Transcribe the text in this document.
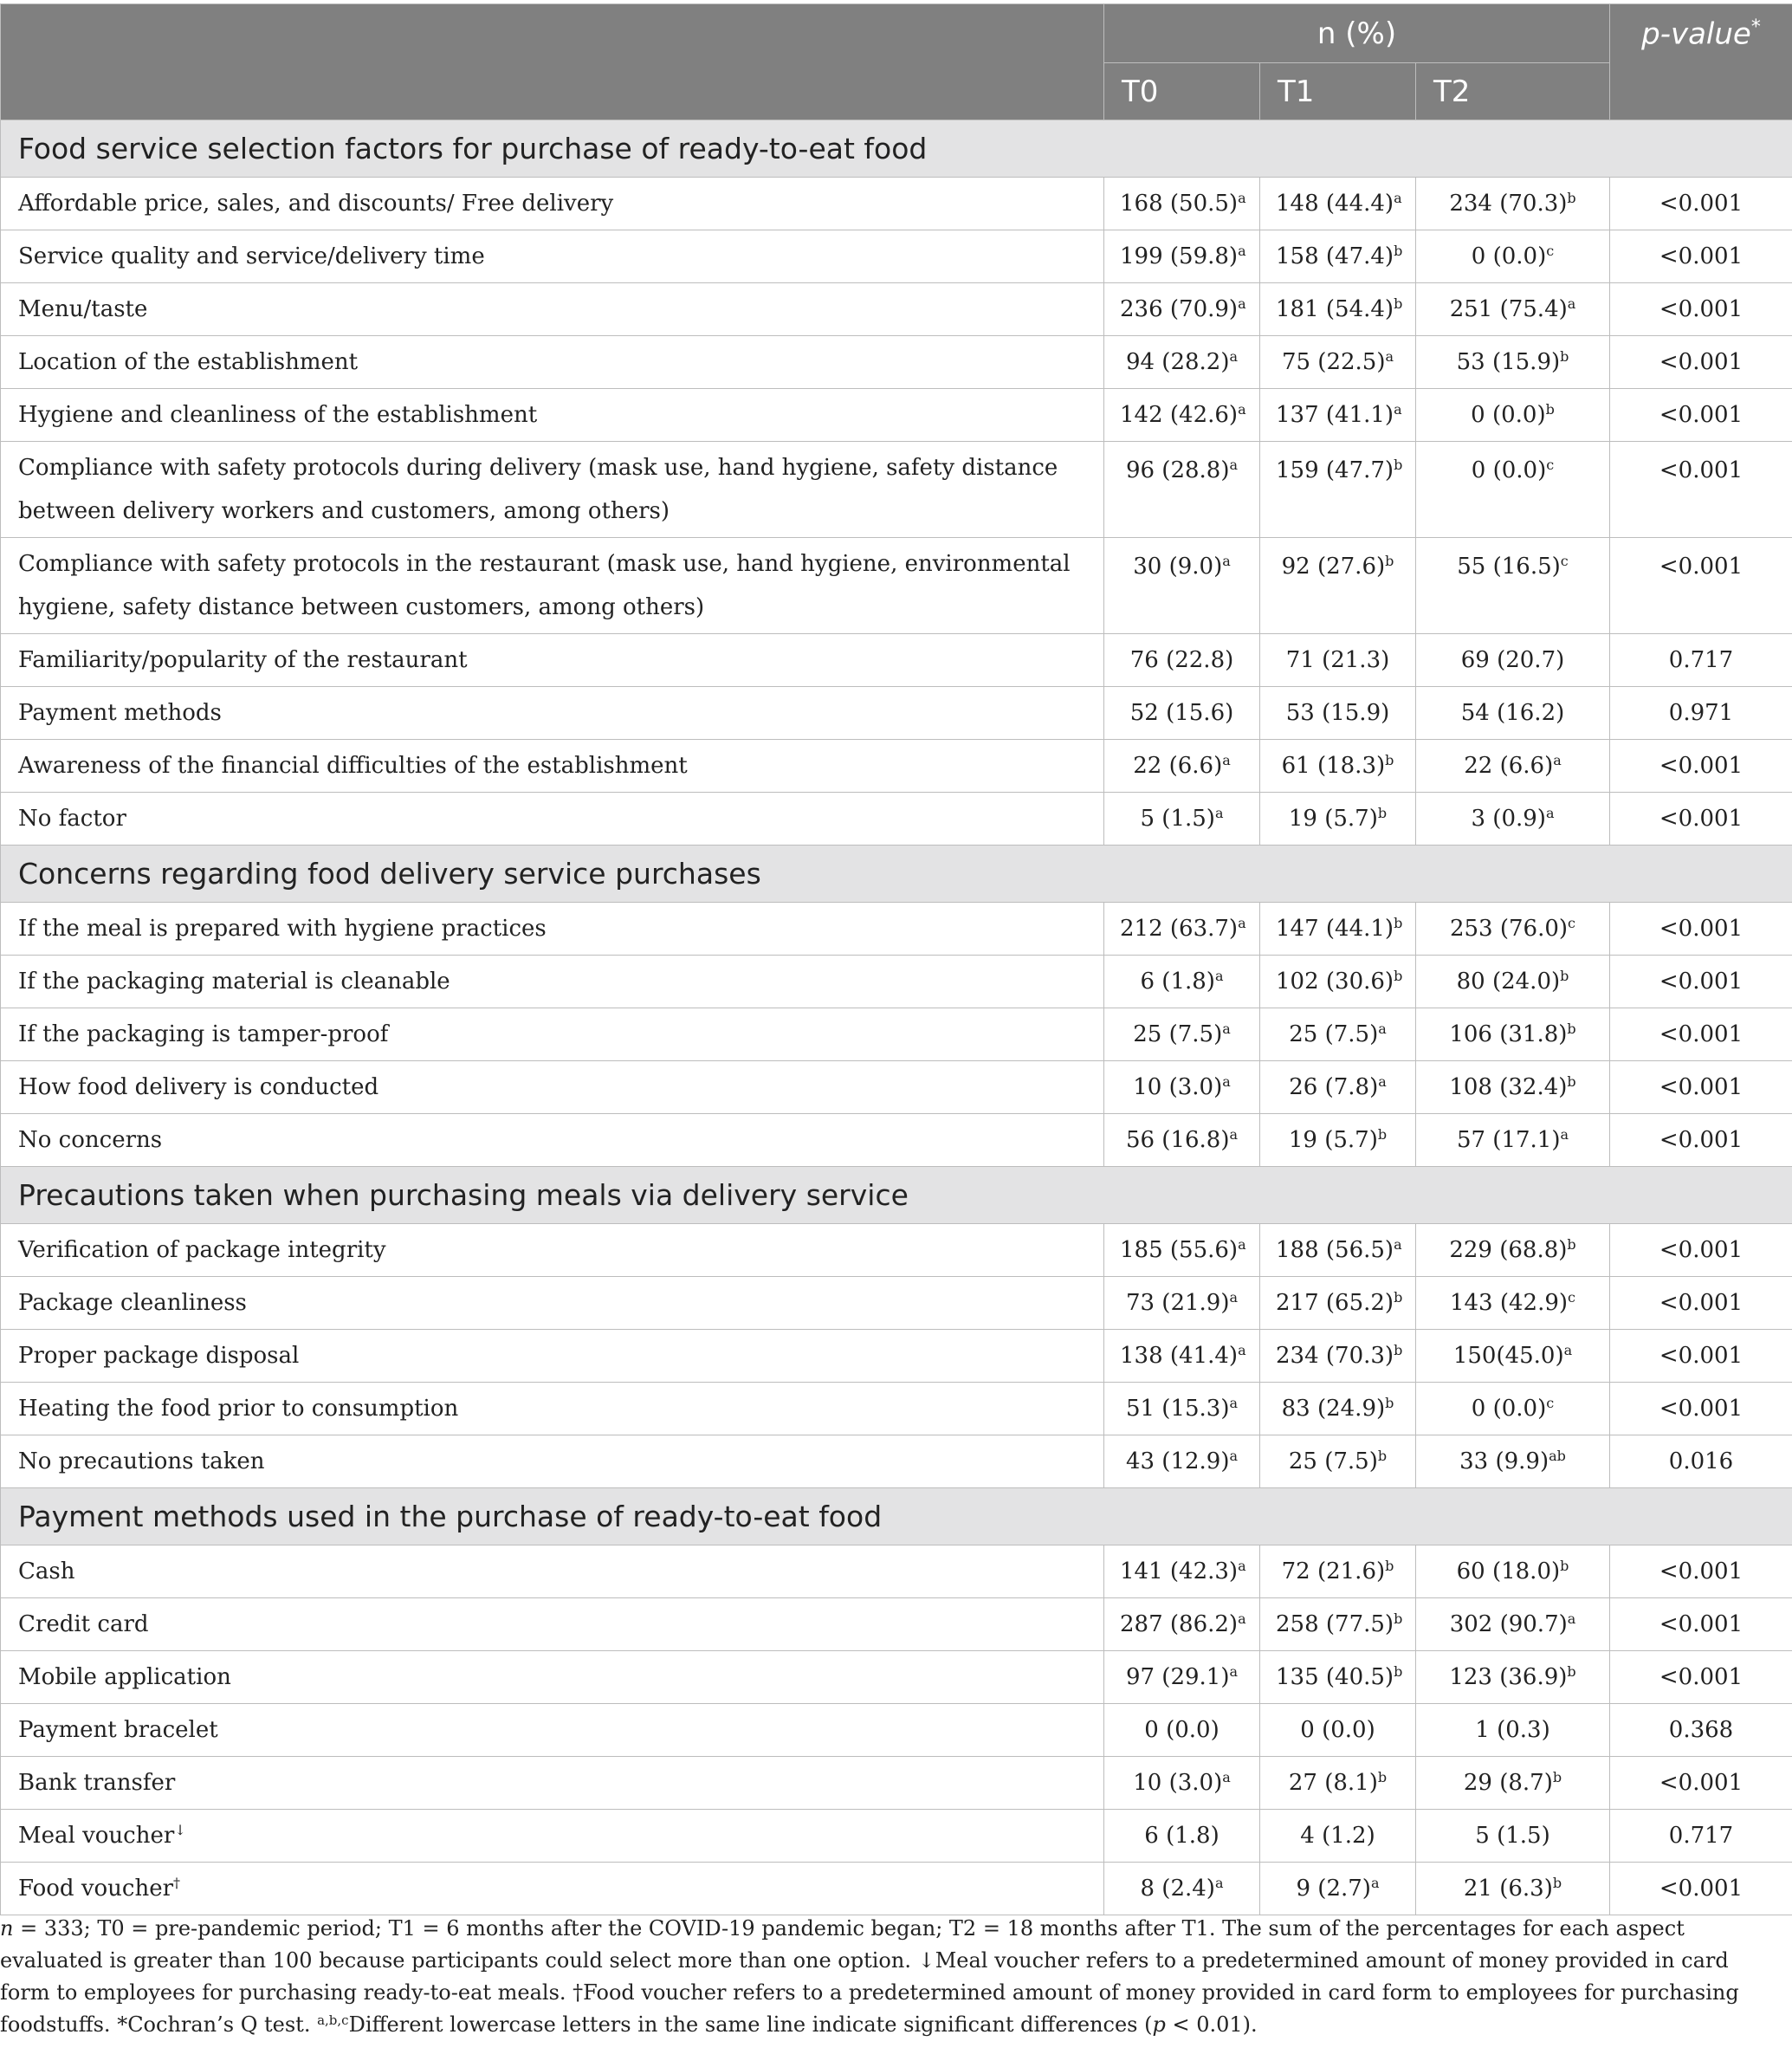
	n (%)			p-value*
	T0	T1	T2	
Food service selection factors for purchase of ready-to-eat food				
Affordable price, sales, and discounts/ Free delivery	168 $(50.5)^a$	148 $(44.4)^a$	234 $(70.3)^b$	<0.001
Service quality and service/delivery time	199 $(59.8)^a$	158 $(47.4)^b$	0 $(0.0)^c$	<0.001
Menu/taste	236 $(70.9)^a$	181 $(54.4)^b$	251 $(75.4)^a$	<0.001
Location of the establishment	94 $(28.2)^a$	75 $(22.5)^a$	53 $(15.9)^b$	<0.001
Hygiene and cleanliness of the establishment	142 $(42.6)^a$	137 $(41.1)^a$	0 $(0.0)^b$	<0.001
Compliance with safety protocols during delivery (mask use, hand hygiene, safety distance between delivery workers and customers, among others)	96 $(28.8)^a$	159 $(47.7)^b$	0 $(0.0)^c$	<0.001
Compliance with safety protocols in the restaurant (mask use, hand hygiene, environmental hygiene, safety distance between customers, among others)	30 $(9.0)^a$	92 $(27.6)^b$	55 $(16.5)^c$	<0.001
Familiarity/popularity of the restaurant	76 (22.8)	71 (21.3)	69 (20.7)	0.717
Payment methods	52 (15.6)	53 (15.9)	54 (16.2)	0.971
Awareness of the financial difficulties of the establishment	22 $(6.6)^a$	61 $(18.3)^b$	22 $(6.6)^a$	<0.001
No factor	5 $(1.5)^a$	19 $(5.7)^b$	3 $(0.9)^a$	<0.001
Concerns regarding food delivery service purchases				
If the meal is prepared with hygiene practices	212 $(63.7)^a$	147 $(44.1)^b$	253 $(76.0)^c$	<0.001
If the packaging material is cleanable	6 $(1.8)^a$	102 $(30.6)^b$	80 $(24.0)^b$	<0.001
If the packaging is tamper-proof	25 $(7.5)^a$	25 $(7.5)^a$	106 $(31.8)^b$	<0.001
How food delivery is conducted	10 $(3.0)^a$	26 $(7.8)^a$	108 $(32.4)^b$	<0.001
No concerns	56 $(16.8)^a$	19 $(5.7)^b$	57 $(17.1)^a$	<0.001
Precautions taken when purchasing meals via delivery service				
Verification of package integrity	185 $(55.6)^a$	188 $(56.5)^a$	229 $(68.8)^b$	<0.001
Package cleanliness	73 $(21.9)^a$	217 $(65.2)^b$	143 $(42.9)^c$	<0.001
Proper package disposal	138 $(41.4)^a$	234 $(70.3)^b$	$150(45.0)^a$	<0.001
Heating the food prior to consumption	51 $(15.3)^a$	83 $(24.9)^b$	0 $(0.0)^c$	<0.001
No precautions taken	43 $(12.9)^a$	25 $(7.5)^b$	33 $(9.9)^{ab}$	0.016
Payment methods used in the purchase of ready-to-eat food				
Cash	141 $(42.3)^a$	72 $(21.6)^b$	60 $(18.0)^b$	<0.001
Credit card	287 $(86.2)^a$	258 $(77.5)^b$	302 $(90.7)^a$	<0.001
Mobile application	97 $(29.1)^a$	135 $(40.5)^b$	123 $(36.9)^b$	<0.001
Payment bracelet	0 (0.0)	0 (0.0)	1 (0.3)	0.368
Bank transfer	10 $(3.0)^a$	27 $(8.1)^b$	29 $(8.7)^b$	<0.001
Meal voucher↓	6 (1.8)	4 (1.2)	5 (1.5)	0.717
Food voucher†	8 $(2.4)^a$	9 $(2.7)^a$	21 $(6.3)^b$	<0.001
n = 333; T0 = pre-pandemic period; T1 = 6 months after the COVID-19 pandemic began; T2 = 18 months after T1. The sum of the percentages for each aspect evaluated is greater than 100 because participants could select more than one option. ↓Meal voucher refers to a predetermined amount of money provided in card form to employees for purchasing ready-to-eat meals. †Food voucher refers to a predetermined amount of money provided in card form to employees for purchasing foodstuffs. *Cochran’s Q test. $^{a,b,c}$Different lowercase letters in the same line indicate significant differences (p < 0.01).
